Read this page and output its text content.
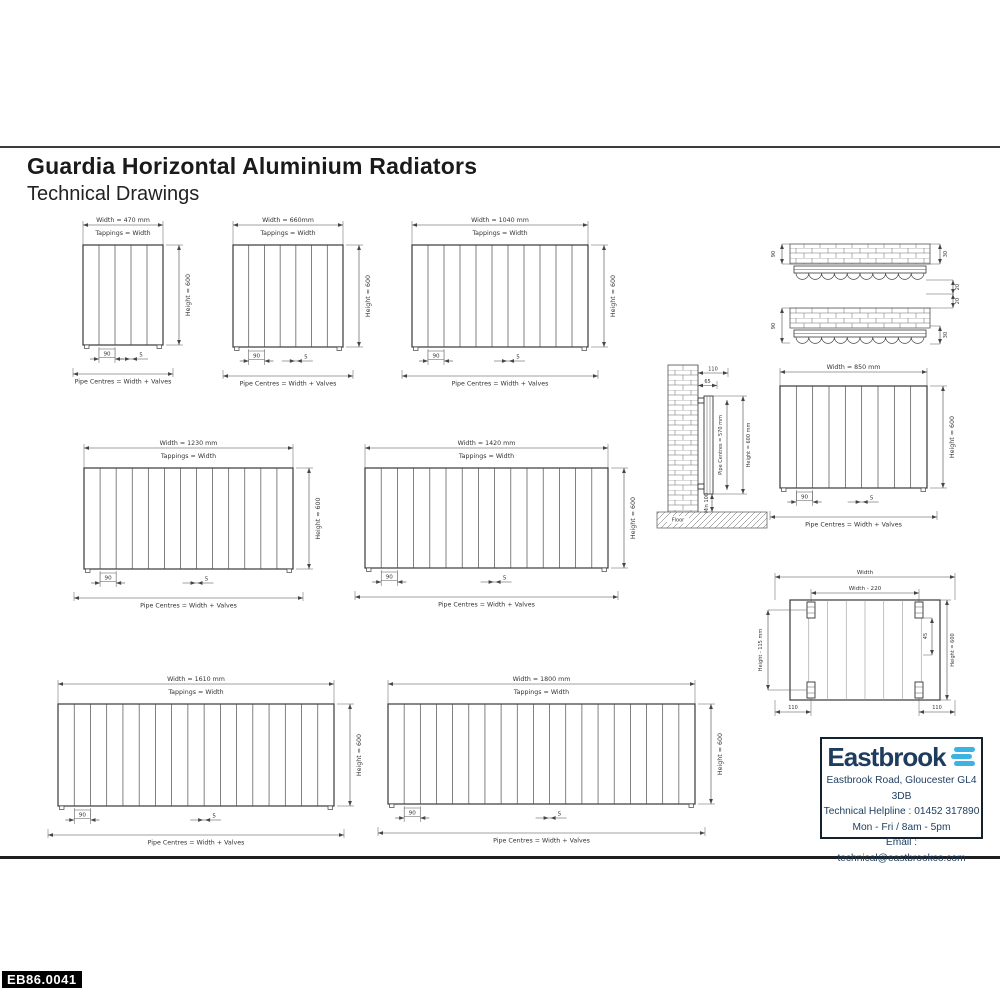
Guardia Horizontal Aluminium Radiators
Technical Drawings
Width = 470 mm
Tappings = Width
Height = 600
90	5
Pipe Centres = Width + Valves
Width = 660mm
Tappings = Width
Height = 600
90	5
Pipe Centres = Width + Valves
Width = 1040 mm
Tappings = Width
Height = 600
90	5
Pipe Centres = Width + Valves
Width = 1230 mm
Tappings = Width
Height = 600
90	5
Pipe Centres = Width + Valves
Width = 1420 mm
Tappings = Width
Height = 600
90	5
Pipe Centres = Width + Valves
Width = 850 mm
Height = 600
90	5
Pipe Centres = Width + Valves
Width = 1610 mm
Tappings = Width
Height = 600
90	5
Pipe Centres = Width + Valves
Width = 1800 mm
Tappings = Width
Height = 600
90	5
Pipe Centres = Width + Valves
90
90
30
30
20
20
Floor
110
65
Pipe Centres = 570 mm	Height = 600 mm
Min 100
Width
Width - 220
Height - 115 mm	45	Height = 600
110	110
Eastbrook
Eastbrook Road, Gloucester GL4 3DB
Technical Helpline : 01452 317890
Mon - Fri / 8am - 5pm
Email : technical@eastbrookco.com
EB86.0041
